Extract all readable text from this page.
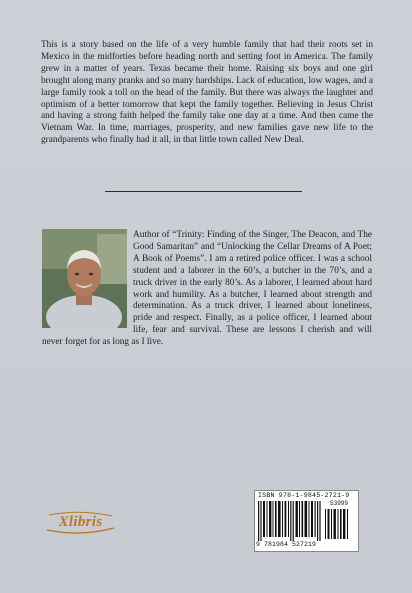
This is a story based on the life of a very humble family that had their roots set in Mexico in the midforties before heading north and setting foot in America. The family grew in a matter of years. Texas became their home. Raising six boys and one girl brought along many pranks and so many hardships. Lack of education, low wages, and a large family took a toll on the head of the family. But there was always the laughter and optimism of a better tomorrow that kept the family together. Believing in Jesus Christ and having a strong faith helped the family take one day at a time. And then came the Vietnam War. In time, marriages, prosperity, and new families gave new life to the grandparents who finally had it all, in that little town called New Deal.

Author of “Trinity: Finding of the Singer, The Deacon, and The Good Samaritan” and “Unlocking the Cellar Dreams of A Poet; A Book of Poems”. I am a retired police officer. I was a school student and a laborer in the 60’s, a butcher in the 70’s, and a truck driver in the early 80’s. As a laborer, I learned about hard work and humility. As a butcher, I learned about strength and determination. As a truck driver, I learned about loneliness, pride and respect. Finally, as a police officer, I learned about life, fear and survival. These are lessons I cherish and will never forget for as long as I live.

Xlibris
ISBN 978-1-9845-2721-9
53999
9 781984 527219
